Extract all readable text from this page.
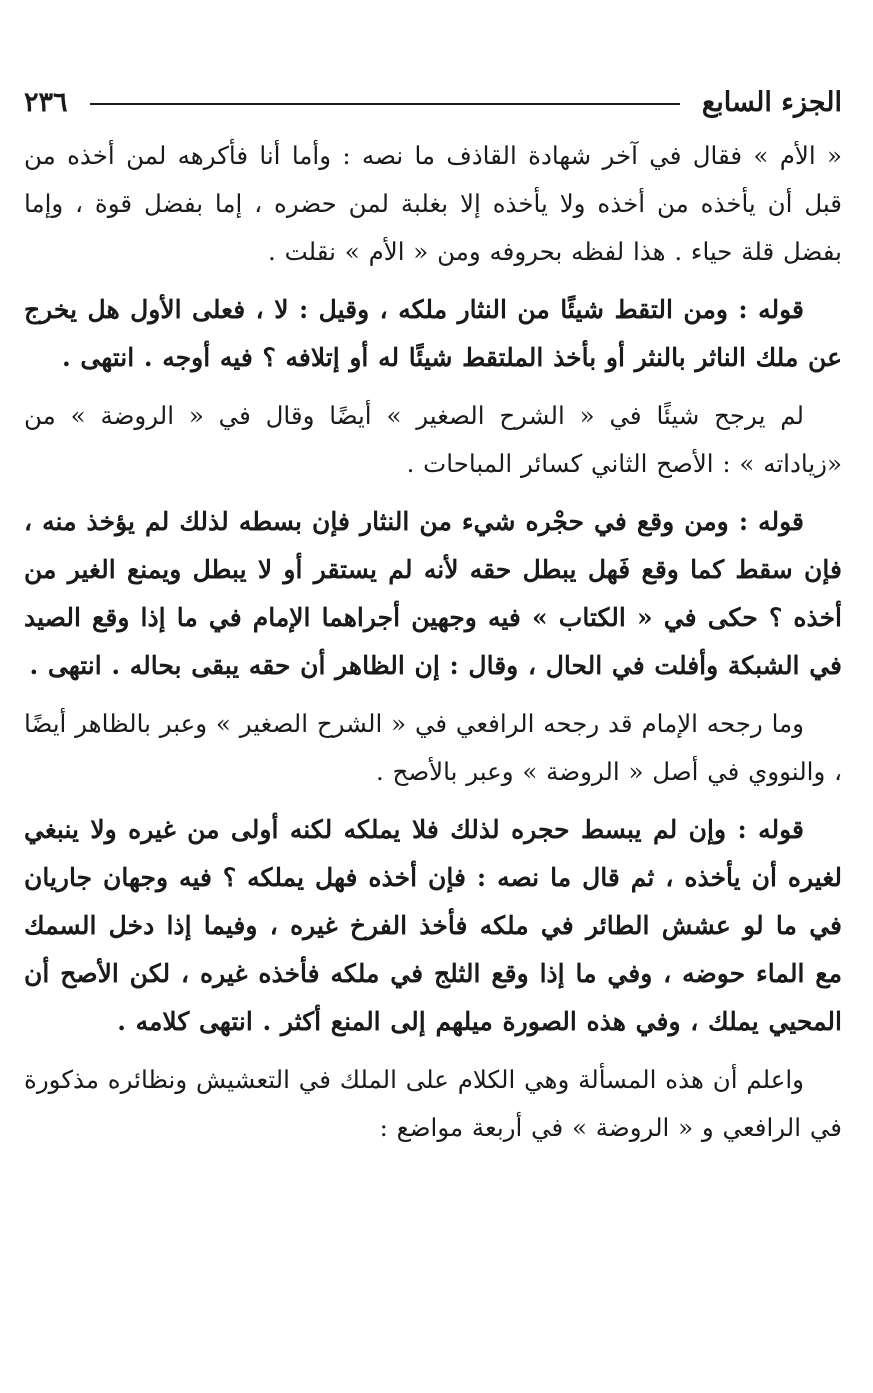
٢٣٦	الجزء السابع

« الأم » فقال في آخر شهادة القاذف ما نصه : وأما أنا فأكرهه لمن أخذه من قبل أن يأخذه من أخذه ولا يأخذه إلا بغلبة لمن حضره ، إما بفضل قوة ، وإما بفضل قلة حياء . هذا لفظه بحروفه ومن « الأم » نقلت .

قوله : ومن التقط شيئًا من النثار ملكه ، وقيل : لا ، فعلى الأول هل يخرج عن ملك الناثر بالنثر أو بأخذ الملتقط شيئًا له أو إتلافه ؟ فيه أوجه . انتهى .

لم يرجح شيئًا في « الشرح الصغير » أيضًا وقال في « الروضة » من «زياداته » : الأصح الثاني كسائر المباحات .

قوله : ومن وقع في حجْره شيء من النثار فإن بسطه لذلك لم يؤخذ منه ، فإن سقط كما وقع فَهل يبطل حقه لأنه لم يستقر أو لا يبطل ويمنع الغير من أخذه ؟ حكى في « الكتاب » فيه وجهين أجراهما الإمام في ما إذا وقع الصيد في الشبكة وأفلت في الحال ، وقال : إن الظاهر أن حقه يبقى بحاله . انتهى .

وما رجحه الإمام قد رجحه الرافعي في « الشرح الصغير » وعبر بالظاهر أيضًا ، والنووي في أصل « الروضة » وعبر بالأصح .

قوله : وإن لم يبسط حجره لذلك فلا يملكه لكنه أولى من غيره ولا ينبغي لغيره أن يأخذه ، ثم قال ما نصه : فإن أخذه فهل يملكه ؟ فيه وجهان جاريان في ما لو عشش الطائر في ملكه فأخذ الفرخ غيره ، وفيما إذا دخل السمك مع الماء حوضه ، وفي ما إذا وقع الثلج في ملكه فأخذه غيره ، لكن الأصح أن المحيي يملك ، وفي هذه الصورة ميلهم إلى المنع أكثر . انتهى كلامه .

واعلم أن هذه المسألة وهي الكلام على الملك في التعشيش ونظائره مذكورة في الرافعي و « الروضة » في أربعة مواضع :
